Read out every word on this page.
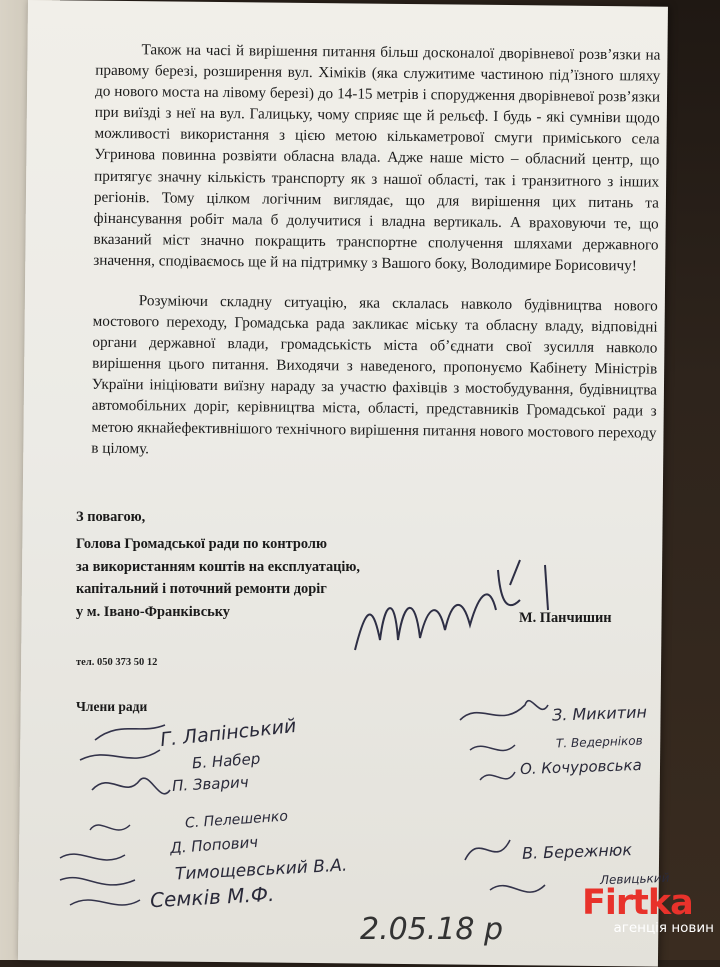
Також на часі й вирішення питання більш досконалої дворівневої розв’язки на правому березі, розширення вул. Хіміків (яка служитиме частиною під’їзного шляху до нового моста на лівому березі) до 14-15 метрів і спорудження дворівневої розв’язки при виїзді з неї на вул. Галицьку, чому сприяє ще й рельєф. І будь - які сумніви щодо можливості використання з цією метою кількаметрової смуги приміського села Угринова повинна розвіяти обласна влада. Адже наше місто – обласний центр, що притягує значну кількість транспорту як з нашої області, так і транзитного з інших регіонів. Тому цілком логічним виглядає, що для вирішення цих питань та фінансування робіт мала б долучитися і владна вертикаль. А враховуючи те, що вказаний міст значно покращить транспортне сполучення шляхами державного значення, сподіваємось ще й на підтримку з Вашого боку, Володимире Борисовичу!

Розуміючи складну ситуацію, яка склалась навколо будівництва нового мостового переходу, Громадська рада закликає міську та обласну владу, відповідні органи державної влади, громадськість міста об’єднати свої зусилля навколо вирішення цього питання. Виходячи з наведеного, пропонуємо Кабінету Міністрів України ініціювати виїзну нараду за участю фахівців з мостобудування, будівництва автомобільних доріг, керівництва міста, області, представників Громадської ради з метою якнайефективнішого технічного вирішення питання нового мостового переходу в цілому.

З повагою,
Голова Громадської ради по контролю
за використанням коштів на експлуатацію,
капітальний і поточний ремонти доріг
у м. Івано-Франківську	М. Панчишин
тел. 050 373 50 12
Члени ради
Г. Лапінський
Б. Набер
П. Зварич
С. Пелешенко
Д. Попович
Тимощевський В.А.
Семків М.Ф.
З. Микитин
Т. Ведерніков
О. Кочуровська
В. Бережнюк
Левицький
2.05.18 р
Firtka
агенція новин
